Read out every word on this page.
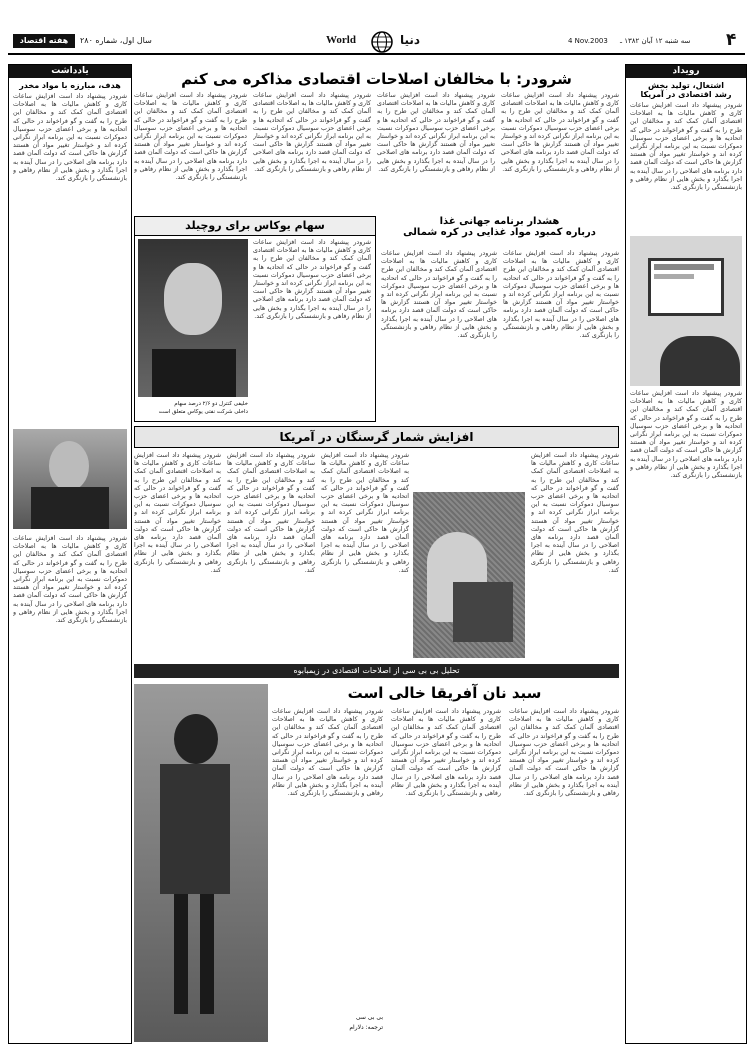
هفته اقتصاد	سال اول، شماره ۲۸۰	World	دنیا	4 Nov.2003 سه شنبه ۱۲ آبان ۱۳۸۲ ـ ۴
یادداشت
هدف، مبارزه با مواد مخدر
شرودر پیشنهاد داد است افزایش ساعات کاری و کاهش مالیات ها به اصلاحات اقتصادی آلمان کمک کند و مخالفان این طرح را به گفت و گو فراخواند در حالی که اتحادیه ها و برخی اعضای حزب سوسیال دموکرات نسبت به این برنامه ابراز نگرانی کرده اند و خواستار تغییر مواد آن هستند گزارش ها حاکی است که دولت آلمان قصد دارد برنامه های اصلاحی را در سال آینده به اجرا بگذارد و بخش هایی از نظام رفاهی و بازنشستگی را بازنگری کند.
شرودر پیشنهاد داد است افزایش ساعات کاری و کاهش مالیات ها به اصلاحات اقتصادی آلمان کمک کند و مخالفان این طرح را به گفت و گو فراخواند در حالی که اتحادیه ها و برخی اعضای حزب سوسیال دموکرات نسبت به این برنامه ابراز نگرانی کرده اند و خواستار تغییر مواد آن هستند گزارش ها حاکی است که دولت آلمان قصد دارد برنامه های اصلاحی را در سال آینده به اجرا بگذارد و بخش هایی از نظام رفاهی و بازنشستگی را بازنگری کند.
رویداد
اشتغال، تولید بخش
رشد اقتصادی در آمریکا
شرودر پیشنهاد داد است افزایش ساعات کاری و کاهش مالیات ها به اصلاحات اقتصادی آلمان کمک کند و مخالفان این طرح را به گفت و گو فراخواند در حالی که اتحادیه ها و برخی اعضای حزب سوسیال دموکرات نسبت به این برنامه ابراز نگرانی کرده اند و خواستار تغییر مواد آن هستند گزارش ها حاکی است که دولت آلمان قصد دارد برنامه های اصلاحی را در سال آینده به اجرا بگذارد و بخش هایی از نظام رفاهی و بازنشستگی را بازنگری کند.
شرودر پیشنهاد داد است افزایش ساعات کاری و کاهش مالیات ها به اصلاحات اقتصادی آلمان کمک کند و مخالفان این طرح را به گفت و گو فراخواند در حالی که اتحادیه ها و برخی اعضای حزب سوسیال دموکرات نسبت به این برنامه ابراز نگرانی کرده اند و خواستار تغییر مواد آن هستند گزارش ها حاکی است که دولت آلمان قصد دارد برنامه های اصلاحی را در سال آینده به اجرا بگذارد و بخش هایی از نظام رفاهی و بازنشستگی را بازنگری کند.
شرودر: با مخالفان اصلاحات اقتصادی مذاکره می کنم
شرودر پیشنهاد داد است افزایش ساعات کاری و کاهش مالیات ها به اصلاحات اقتصادی آلمان کمک کند و مخالفان این طرح را به گفت و گو فراخواند در حالی که اتحادیه ها و برخی اعضای حزب سوسیال دموکرات نسبت به این برنامه ابراز نگرانی کرده اند و خواستار تغییر مواد آن هستند گزارش ها حاکی است که دولت آلمان قصد دارد برنامه های اصلاحی را در سال آینده به اجرا بگذارد و بخش هایی از نظام رفاهی و بازنشستگی را بازنگری کند.
شرودر پیشنهاد داد است افزایش ساعات کاری و کاهش مالیات ها به اصلاحات اقتصادی آلمان کمک کند و مخالفان این طرح را به گفت و گو فراخواند در حالی که اتحادیه ها و برخی اعضای حزب سوسیال دموکرات نسبت به این برنامه ابراز نگرانی کرده اند و خواستار تغییر مواد آن هستند گزارش ها حاکی است که دولت آلمان قصد دارد برنامه های اصلاحی را در سال آینده به اجرا بگذارد و بخش هایی از نظام رفاهی و بازنشستگی را بازنگری کند.
شرودر پیشنهاد داد است افزایش ساعات کاری و کاهش مالیات ها به اصلاحات اقتصادی آلمان کمک کند و مخالفان این طرح را به گفت و گو فراخواند در حالی که اتحادیه ها و برخی اعضای حزب سوسیال دموکرات نسبت به این برنامه ابراز نگرانی کرده اند و خواستار تغییر مواد آن هستند گزارش ها حاکی است که دولت آلمان قصد دارد برنامه های اصلاحی را در سال آینده به اجرا بگذارد و بخش هایی از نظام رفاهی و بازنشستگی را بازنگری کند.
شرودر پیشنهاد داد است افزایش ساعات کاری و کاهش مالیات ها به اصلاحات اقتصادی آلمان کمک کند و مخالفان این طرح را به گفت و گو فراخواند در حالی که اتحادیه ها و برخی اعضای حزب سوسیال دموکرات نسبت به این برنامه ابراز نگرانی کرده اند و خواستار تغییر مواد آن هستند گزارش ها حاکی است که دولت آلمان قصد دارد برنامه های اصلاحی را در سال آینده به اجرا بگذارد و بخش هایی از نظام رفاهی و بازنشستگی را بازنگری کند.
سهام یوکاس برای روچیلد
شرودر پیشنهاد داد است افزایش ساعات کاری و کاهش مالیات ها به اصلاحات اقتصادی آلمان کمک کند و مخالفان این طرح را به گفت و گو فراخواند در حالی که اتحادیه ها و برخی اعضای حزب سوسیال دموکرات نسبت به این برنامه ابراز نگرانی کرده اند و خواستار تغییر مواد آن هستند گزارش ها حاکی است که دولت آلمان قصد دارد برنامه های اصلاحی را در سال آینده به اجرا بگذارد و بخش هایی از نظام رفاهی و بازنشستگی را بازنگری کند.
خلیفی کنترل دو ۲/۶ درصد سهام
داخلی شرکت نفتی یوکاس متعلق است
هشدار برنامه جهانی غذا
درباره کمبود مواد غذایی در کره شمالی
شرودر پیشنهاد داد است افزایش ساعات کاری و کاهش مالیات ها به اصلاحات اقتصادی آلمان کمک کند و مخالفان این طرح را به گفت و گو فراخواند در حالی که اتحادیه ها و برخی اعضای حزب سوسیال دموکرات نسبت به این برنامه ابراز نگرانی کرده اند و خواستار تغییر مواد آن هستند گزارش ها حاکی است که دولت آلمان قصد دارد برنامه های اصلاحی را در سال آینده به اجرا بگذارد و بخش هایی از نظام رفاهی و بازنشستگی را بازنگری کند.
شرودر پیشنهاد داد است افزایش ساعات کاری و کاهش مالیات ها به اصلاحات اقتصادی آلمان کمک کند و مخالفان این طرح را به گفت و گو فراخواند در حالی که اتحادیه ها و برخی اعضای حزب سوسیال دموکرات نسبت به این برنامه ابراز نگرانی کرده اند و خواستار تغییر مواد آن هستند گزارش ها حاکی است که دولت آلمان قصد دارد برنامه های اصلاحی را در سال آینده به اجرا بگذارد و بخش هایی از نظام رفاهی و بازنشستگی را بازنگری کند.
افزایش شمار گرسنگان در آمریکا
شرودر پیشنهاد داد است افزایش ساعات کاری و کاهش مالیات ها به اصلاحات اقتصادی آلمان کمک کند و مخالفان این طرح را به گفت و گو فراخواند در حالی که اتحادیه ها و برخی اعضای حزب سوسیال دموکرات نسبت به این برنامه ابراز نگرانی کرده اند و خواستار تغییر مواد آن هستند گزارش ها حاکی است که دولت آلمان قصد دارد برنامه های اصلاحی را در سال آینده به اجرا بگذارد و بخش هایی از نظام رفاهی و بازنشستگی را بازنگری کند.
شرودر پیشنهاد داد است افزایش ساعات کاری و کاهش مالیات ها به اصلاحات اقتصادی آلمان کمک کند و مخالفان این طرح را به گفت و گو فراخواند در حالی که اتحادیه ها و برخی اعضای حزب سوسیال دموکرات نسبت به این برنامه ابراز نگرانی کرده اند و خواستار تغییر مواد آن هستند گزارش ها حاکی است که دولت آلمان قصد دارد برنامه های اصلاحی را در سال آینده به اجرا بگذارد و بخش هایی از نظام رفاهی و بازنشستگی را بازنگری کند.
شرودر پیشنهاد داد است افزایش ساعات کاری و کاهش مالیات ها به اصلاحات اقتصادی آلمان کمک کند و مخالفان این طرح را به گفت و گو فراخواند در حالی که اتحادیه ها و برخی اعضای حزب سوسیال دموکرات نسبت به این برنامه ابراز نگرانی کرده اند و خواستار تغییر مواد آن هستند گزارش ها حاکی است که دولت آلمان قصد دارد برنامه های اصلاحی را در سال آینده به اجرا بگذارد و بخش هایی از نظام رفاهی و بازنشستگی را بازنگری کند.
شرودر پیشنهاد داد است افزایش ساعات کاری و کاهش مالیات ها به اصلاحات اقتصادی آلمان کمک کند و مخالفان این طرح را به گفت و گو فراخواند در حالی که اتحادیه ها و برخی اعضای حزب سوسیال دموکرات نسبت به این برنامه ابراز نگرانی کرده اند و خواستار تغییر مواد آن هستند گزارش ها حاکی است که دولت آلمان قصد دارد برنامه های اصلاحی را در سال آینده به اجرا بگذارد و بخش هایی از نظام رفاهی و بازنشستگی را بازنگری کند.
تحلیل بی بی سی از اصلاحات اقتصادی در زیمبابوه
سبد نان آفریقا خالی است
شرودر پیشنهاد داد است افزایش ساعات کاری و کاهش مالیات ها به اصلاحات اقتصادی آلمان کمک کند و مخالفان این طرح را به گفت و گو فراخواند در حالی که اتحادیه ها و برخی اعضای حزب سوسیال دموکرات نسبت به این برنامه ابراز نگرانی کرده اند و خواستار تغییر مواد آن هستند گزارش ها حاکی است که دولت آلمان قصد دارد برنامه های اصلاحی را در سال آینده به اجرا بگذارد و بخش هایی از نظام رفاهی و بازنشستگی را بازنگری کند.
شرودر پیشنهاد داد است افزایش ساعات کاری و کاهش مالیات ها به اصلاحات اقتصادی آلمان کمک کند و مخالفان این طرح را به گفت و گو فراخواند در حالی که اتحادیه ها و برخی اعضای حزب سوسیال دموکرات نسبت به این برنامه ابراز نگرانی کرده اند و خواستار تغییر مواد آن هستند گزارش ها حاکی است که دولت آلمان قصد دارد برنامه های اصلاحی را در سال آینده به اجرا بگذارد و بخش هایی از نظام رفاهی و بازنشستگی را بازنگری کند.
شرودر پیشنهاد داد است افزایش ساعات کاری و کاهش مالیات ها به اصلاحات اقتصادی آلمان کمک کند و مخالفان این طرح را به گفت و گو فراخواند در حالی که اتحادیه ها و برخی اعضای حزب سوسیال دموکرات نسبت به این برنامه ابراز نگرانی کرده اند و خواستار تغییر مواد آن هستند گزارش ها حاکی است که دولت آلمان قصد دارد برنامه های اصلاحی را در سال آینده به اجرا بگذارد و بخش هایی از نظام رفاهی و بازنشستگی را بازنگری کند.
بی بی سی
ترجمه: دلارام
